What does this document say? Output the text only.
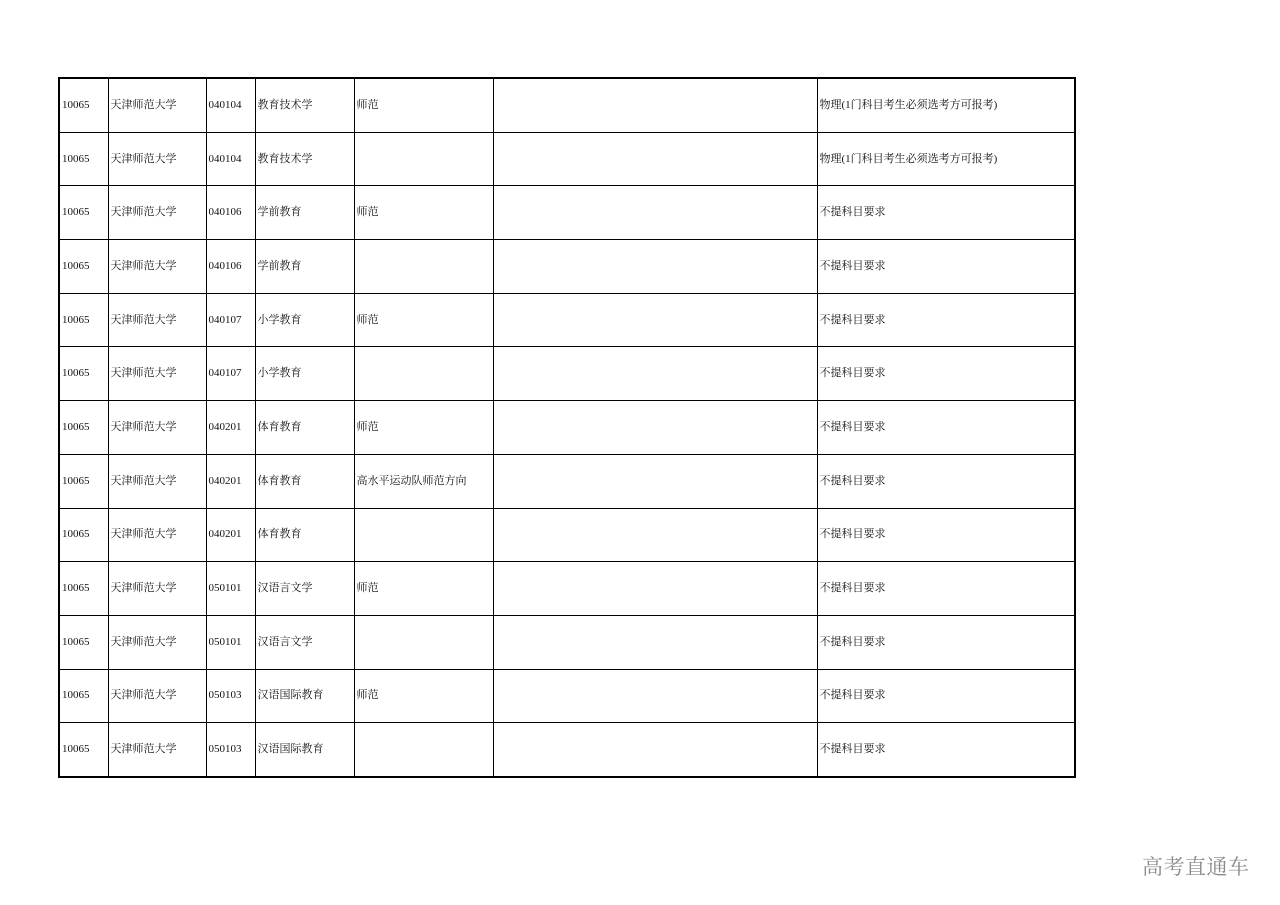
10065	天津师范大学	040104	教育技术学	师范		物理(1门科目考生必须选考方可报考)
10065	天津师范大学	040104	教育技术学			物理(1门科目考生必须选考方可报考)
10065	天津师范大学	040106	学前教育	师范		不提科目要求
10065	天津师范大学	040106	学前教育			不提科目要求
10065	天津师范大学	040107	小学教育	师范		不提科目要求
10065	天津师范大学	040107	小学教育			不提科目要求
10065	天津师范大学	040201	体育教育	师范		不提科目要求
10065	天津师范大学	040201	体育教育	高水平运动队师范方向		不提科目要求
10065	天津师范大学	040201	体育教育			不提科目要求
10065	天津师范大学	050101	汉语言文学	师范		不提科目要求
10065	天津师范大学	050101	汉语言文学			不提科目要求
10065	天津师范大学	050103	汉语国际教育	师范		不提科目要求
10065	天津师范大学	050103	汉语国际教育			不提科目要求
高考直通车
